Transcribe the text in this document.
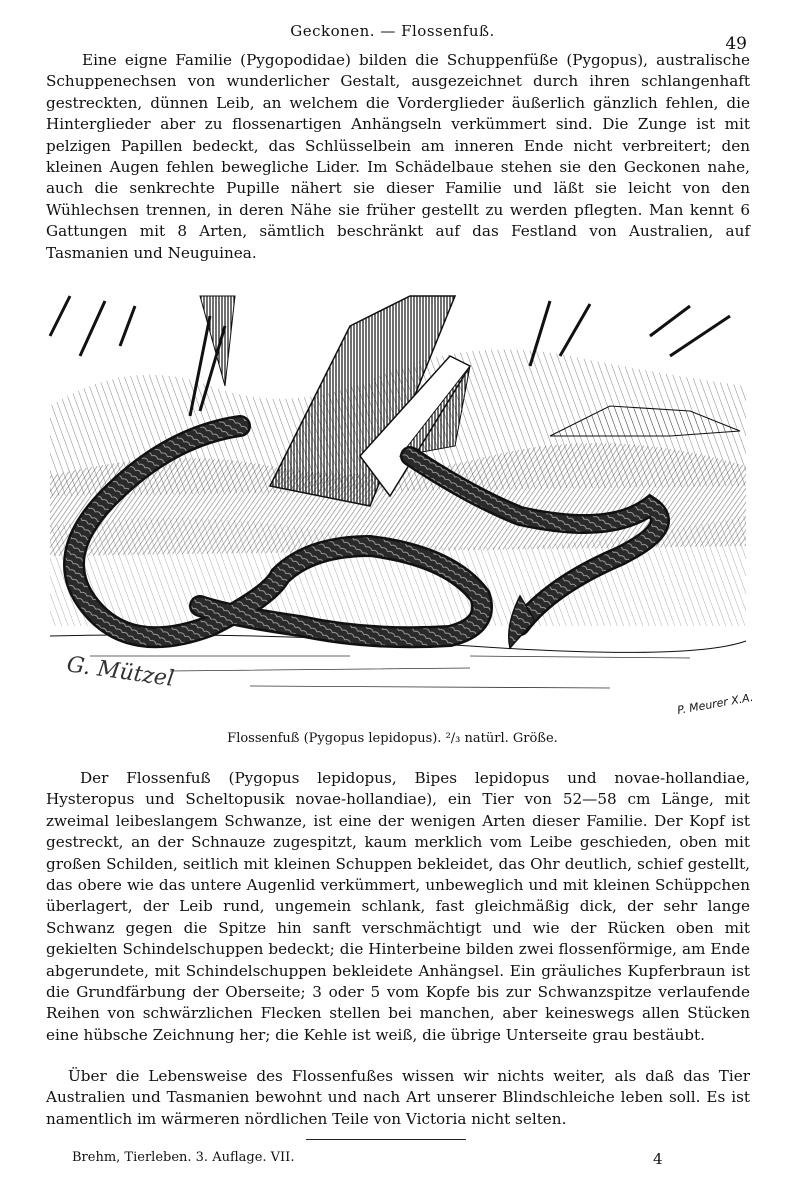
Geckonen. — Flossenfuß.
49

Eine eigne Familie (Pygopodidae) bilden die Schuppenfüße (Pygopus), australische Schuppenechsen von wunderlicher Gestalt, ausgezeichnet durch ihren schlangenhaft gestreckten, dünnen Leib, an welchem die Vorderglieder äußerlich gänzlich fehlen, die Hinterglieder aber zu flossenartigen Anhängseln verkümmert sind. Die Zunge ist mit pelzigen Papillen bedeckt, das Schlüsselbein am inneren Ende nicht verbreitert; den kleinen Augen fehlen bewegliche Lider. Im Schädelbaue stehen sie den Geckonen nahe, auch die senkrechte Pupille nähert sie dieser Familie und läßt sie leicht von den Wühlechsen trennen, in deren Nähe sie früher gestellt zu werden pflegten. Man kennt 6 Gattungen mit 8 Arten, sämtlich beschränkt auf das Festland von Australien, auf Tasmanien und Neuguinea.

G. Mützel
P. Meurer X.A.
Flossenfuß (Pygopus lepidopus). ²/₃ natürl. Größe.

Der Flossenfuß (Pygopus lepidopus, Bipes lepidopus und novae-hollandiae, Hysteropus und Scheltopusik novae-hollandiae), ein Tier von 52—58 cm Länge, mit zweimal leibeslangem Schwanze, ist eine der wenigen Arten dieser Familie. Der Kopf ist gestreckt, an der Schnauze zugespitzt, kaum merklich vom Leibe geschieden, oben mit großen Schilden, seitlich mit kleinen Schuppen bekleidet, das Ohr deutlich, schief gestellt, das obere wie das untere Augenlid verkümmert, unbeweglich und mit kleinen Schüppchen überlagert, der Leib rund, ungemein schlank, fast gleichmäßig dick, der sehr lange Schwanz gegen die Spitze hin sanft verschmächtigt und wie der Rücken oben mit gekielten Schindelschuppen bedeckt; die Hinterbeine bilden zwei flossenförmige, am Ende abgerundete, mit Schindelschuppen bekleidete Anhängsel. Ein gräuliches Kupferbraun ist die Grundfärbung der Oberseite; 3 oder 5 vom Kopfe bis zur Schwanzspitze verlaufende Reihen von schwärzlichen Flecken stellen bei manchen, aber keineswegs allen Stücken eine hübsche Zeichnung her; die Kehle ist weiß, die übrige Unterseite grau bestäubt.

Über die Lebensweise des Flossenfußes wissen wir nichts weiter, als daß das Tier Australien und Tasmanien bewohnt und nach Art unserer Blindschleiche leben soll. Es ist namentlich im wärmeren nördlichen Teile von Victoria nicht selten.

Brehm, Tierleben. 3. Auflage. VII.	4
